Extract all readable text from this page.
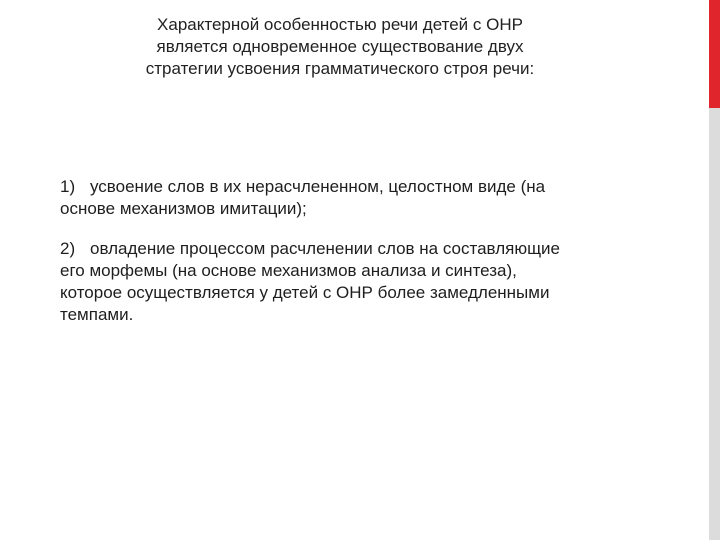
Характерной особенностью речи детей с ОНР
является одновременное существование двух
стратегии усвоения грамматического строя речи:

1) усвоение слов в их нерасчлененном, целостном виде (на
основе механизмов имитации);

2) овладение процессом расчленении слов на составляющие
его морфемы (на основе механизмов анализа и синтеза),
которое осуществляется у детей с ОНР более замедленными
темпами.
